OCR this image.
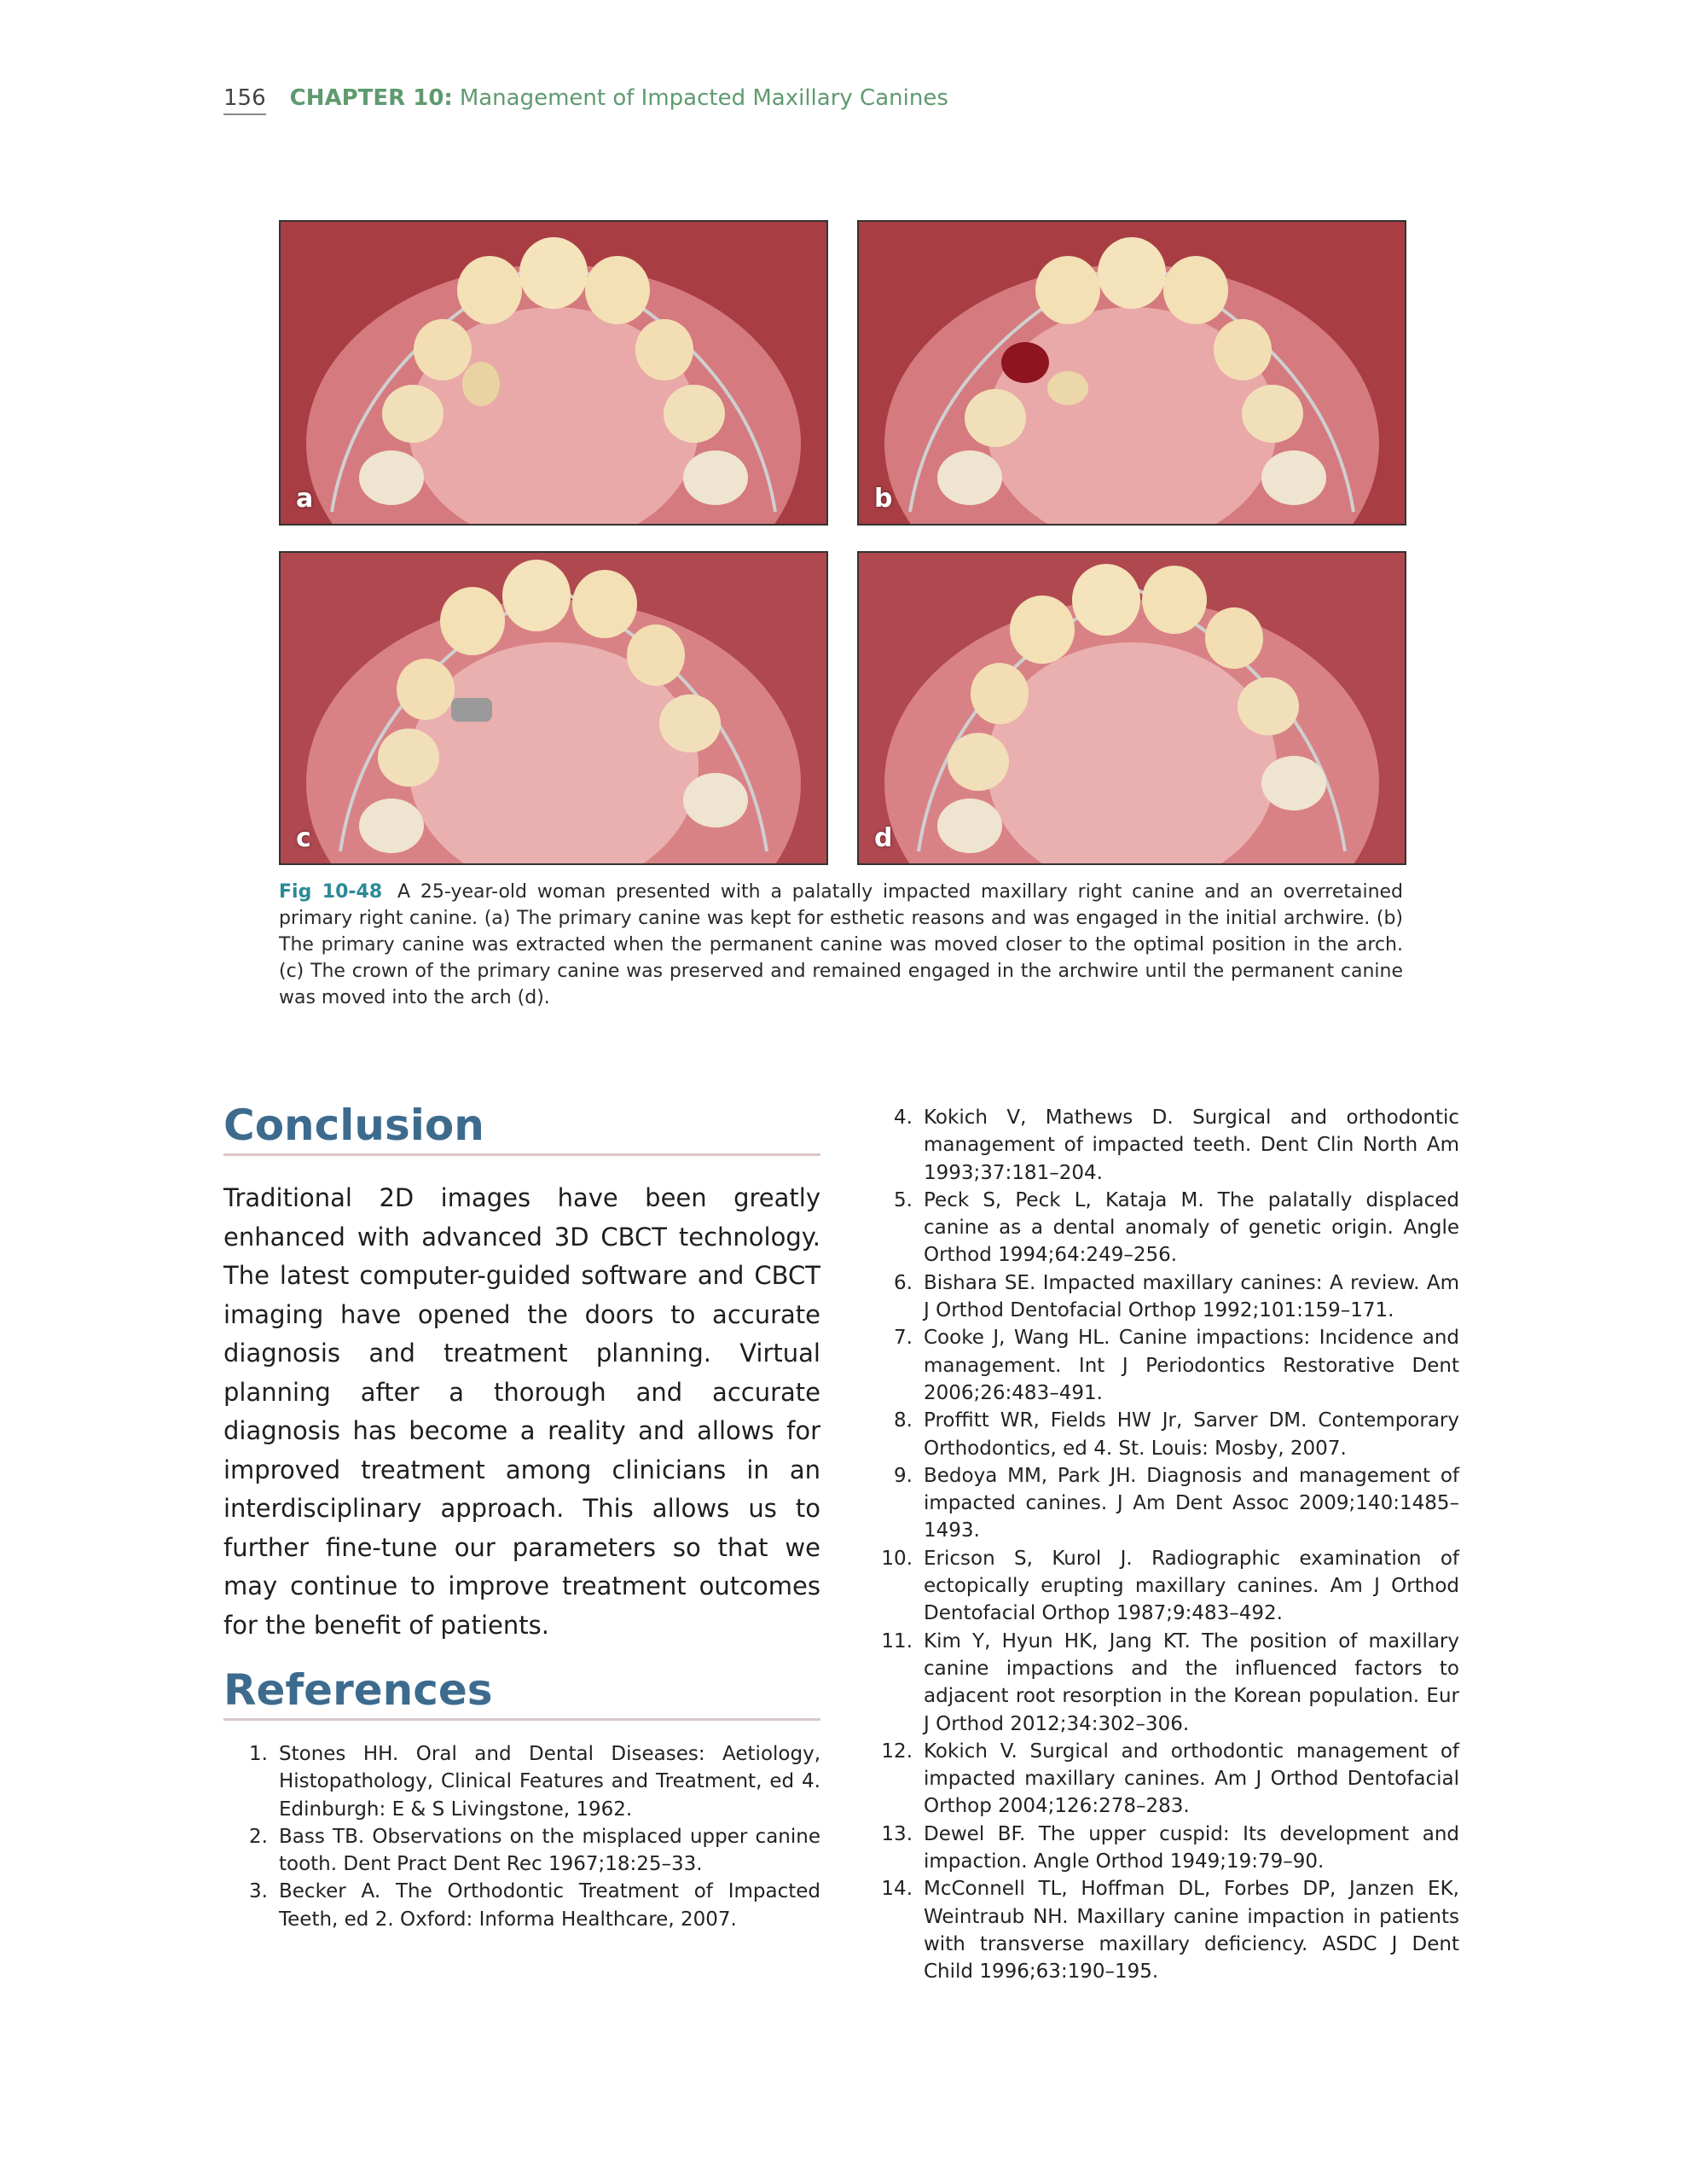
156 CHAPTER 10: Management of Impacted Maxillary Canines
a	b
c	d
Fig 10-48 A 25-year-old woman presented with a palatally impacted maxillary right canine and an overretained primary right canine. (a) The primary canine was kept for esthetic reasons and was engaged in the initial archwire. (b) The primary canine was extracted when the permanent canine was moved closer to the optimal position in the arch. (c) The crown of the primary canine was preserved and remained engaged in the archwire until the permanent canine was moved into the arch (d).
Conclusion

Traditional 2D images have been greatly enhanced with advanced 3D CBCT technology. The latest computer-guided software and CBCT imaging have opened the doors to accurate diagnosis and treatment planning. Virtual planning after a thorough and accurate diagnosis has become a reality and allows for improved treatment among clinicians in an interdisciplinary approach. This allows us to further fine-tune our parameters so that we may continue to improve treatment outcomes for the benefit of patients.

References
1. Stones HH. Oral and Dental Diseases: Aetiology, Histopathology, Clinical Features and Treatment, ed 4. Edinburgh: E & S Livingstone, 1962.
2. Bass TB. Observations on the misplaced upper canine tooth. Dent Pract Dent Rec 1967;18:25–33.
3. Becker A. The Orthodontic Treatment of Impacted Teeth, ed 2. Oxford: Informa Healthcare, 2007.
4. Kokich V, Mathews D. Surgical and orthodontic management of impacted teeth. Dent Clin North Am 1993;37:181–204.
5. Peck S, Peck L, Kataja M. The palatally displaced canine as a dental anomaly of genetic origin. Angle Orthod 1994;64:249–256.
6. Bishara SE. Impacted maxillary canines: A review. Am J Orthod Dentofacial Orthop 1992;101:159–171.
7. Cooke J, Wang HL. Canine impactions: Incidence and management. Int J Periodontics Restorative Dent 2006;26:483–491.
8. Proffitt WR, Fields HW Jr, Sarver DM. Contemporary Orthodontics, ed 4. St. Louis: Mosby, 2007.
9. Bedoya MM, Park JH. Diagnosis and management of impacted canines. J Am Dent Assoc 2009;140:1485–1493.
10. Ericson S, Kurol J. Radiographic examination of ectopically erupting maxillary canines. Am J Orthod Dentofacial Orthop 1987;9:483–492.
11. Kim Y, Hyun HK, Jang KT. The position of maxillary canine impactions and the influenced factors to adjacent root resorption in the Korean population. Eur J Orthod 2012;34:302–306.
12. Kokich V. Surgical and orthodontic management of impacted maxillary canines. Am J Orthod Dentofacial Orthop 2004;126:278–283.
13. Dewel BF. The upper cuspid: Its development and impaction. Angle Orthod 1949;19:79–90.
14. McConnell TL, Hoffman DL, Forbes DP, Janzen EK, Weintraub NH. Maxillary canine impaction in patients with transverse maxillary deficiency. ASDC J Dent Child 1996;63:190–195.
